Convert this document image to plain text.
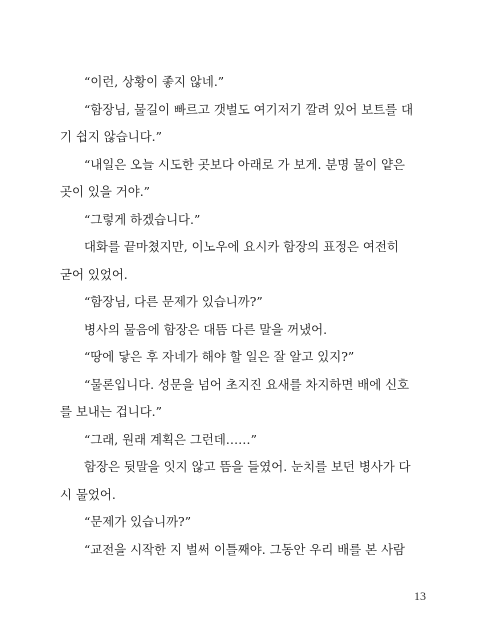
“이런, 상황이 좋지 않네.”

“함장님, 물길이 빠르고 갯벌도 여기저기 깔려 있어 보트를 대
기 쉽지 않습니다.”

“내일은 오늘 시도한 곳보다 아래로 가 보게. 분명 물이 얕은
곳이 있을 거야.”

“그렇게 하겠습니다.”

대화를 끝마쳤지만, 이노우에 요시카 함장의 표정은 여전히
굳어 있었어.

“함장님, 다른 문제가 있습니까?”

병사의 물음에 함장은 대뜸 다른 말을 꺼냈어.

“땅에 닿은 후 자네가 해야 할 일은 잘 알고 있지?”

“물론입니다. 성문을 넘어 초지진 요새를 차지하면 배에 신호
를 보내는 겁니다.”

“그래, 원래 계획은 그런데……”

함장은 뒷말을 잇지 않고 뜸을 들였어. 눈치를 보던 병사가 다
시 물었어.

“문제가 있습니까?”

“교전을 시작한 지 벌써 이틀째야. 그동안 우리 배를 본 사람

13
